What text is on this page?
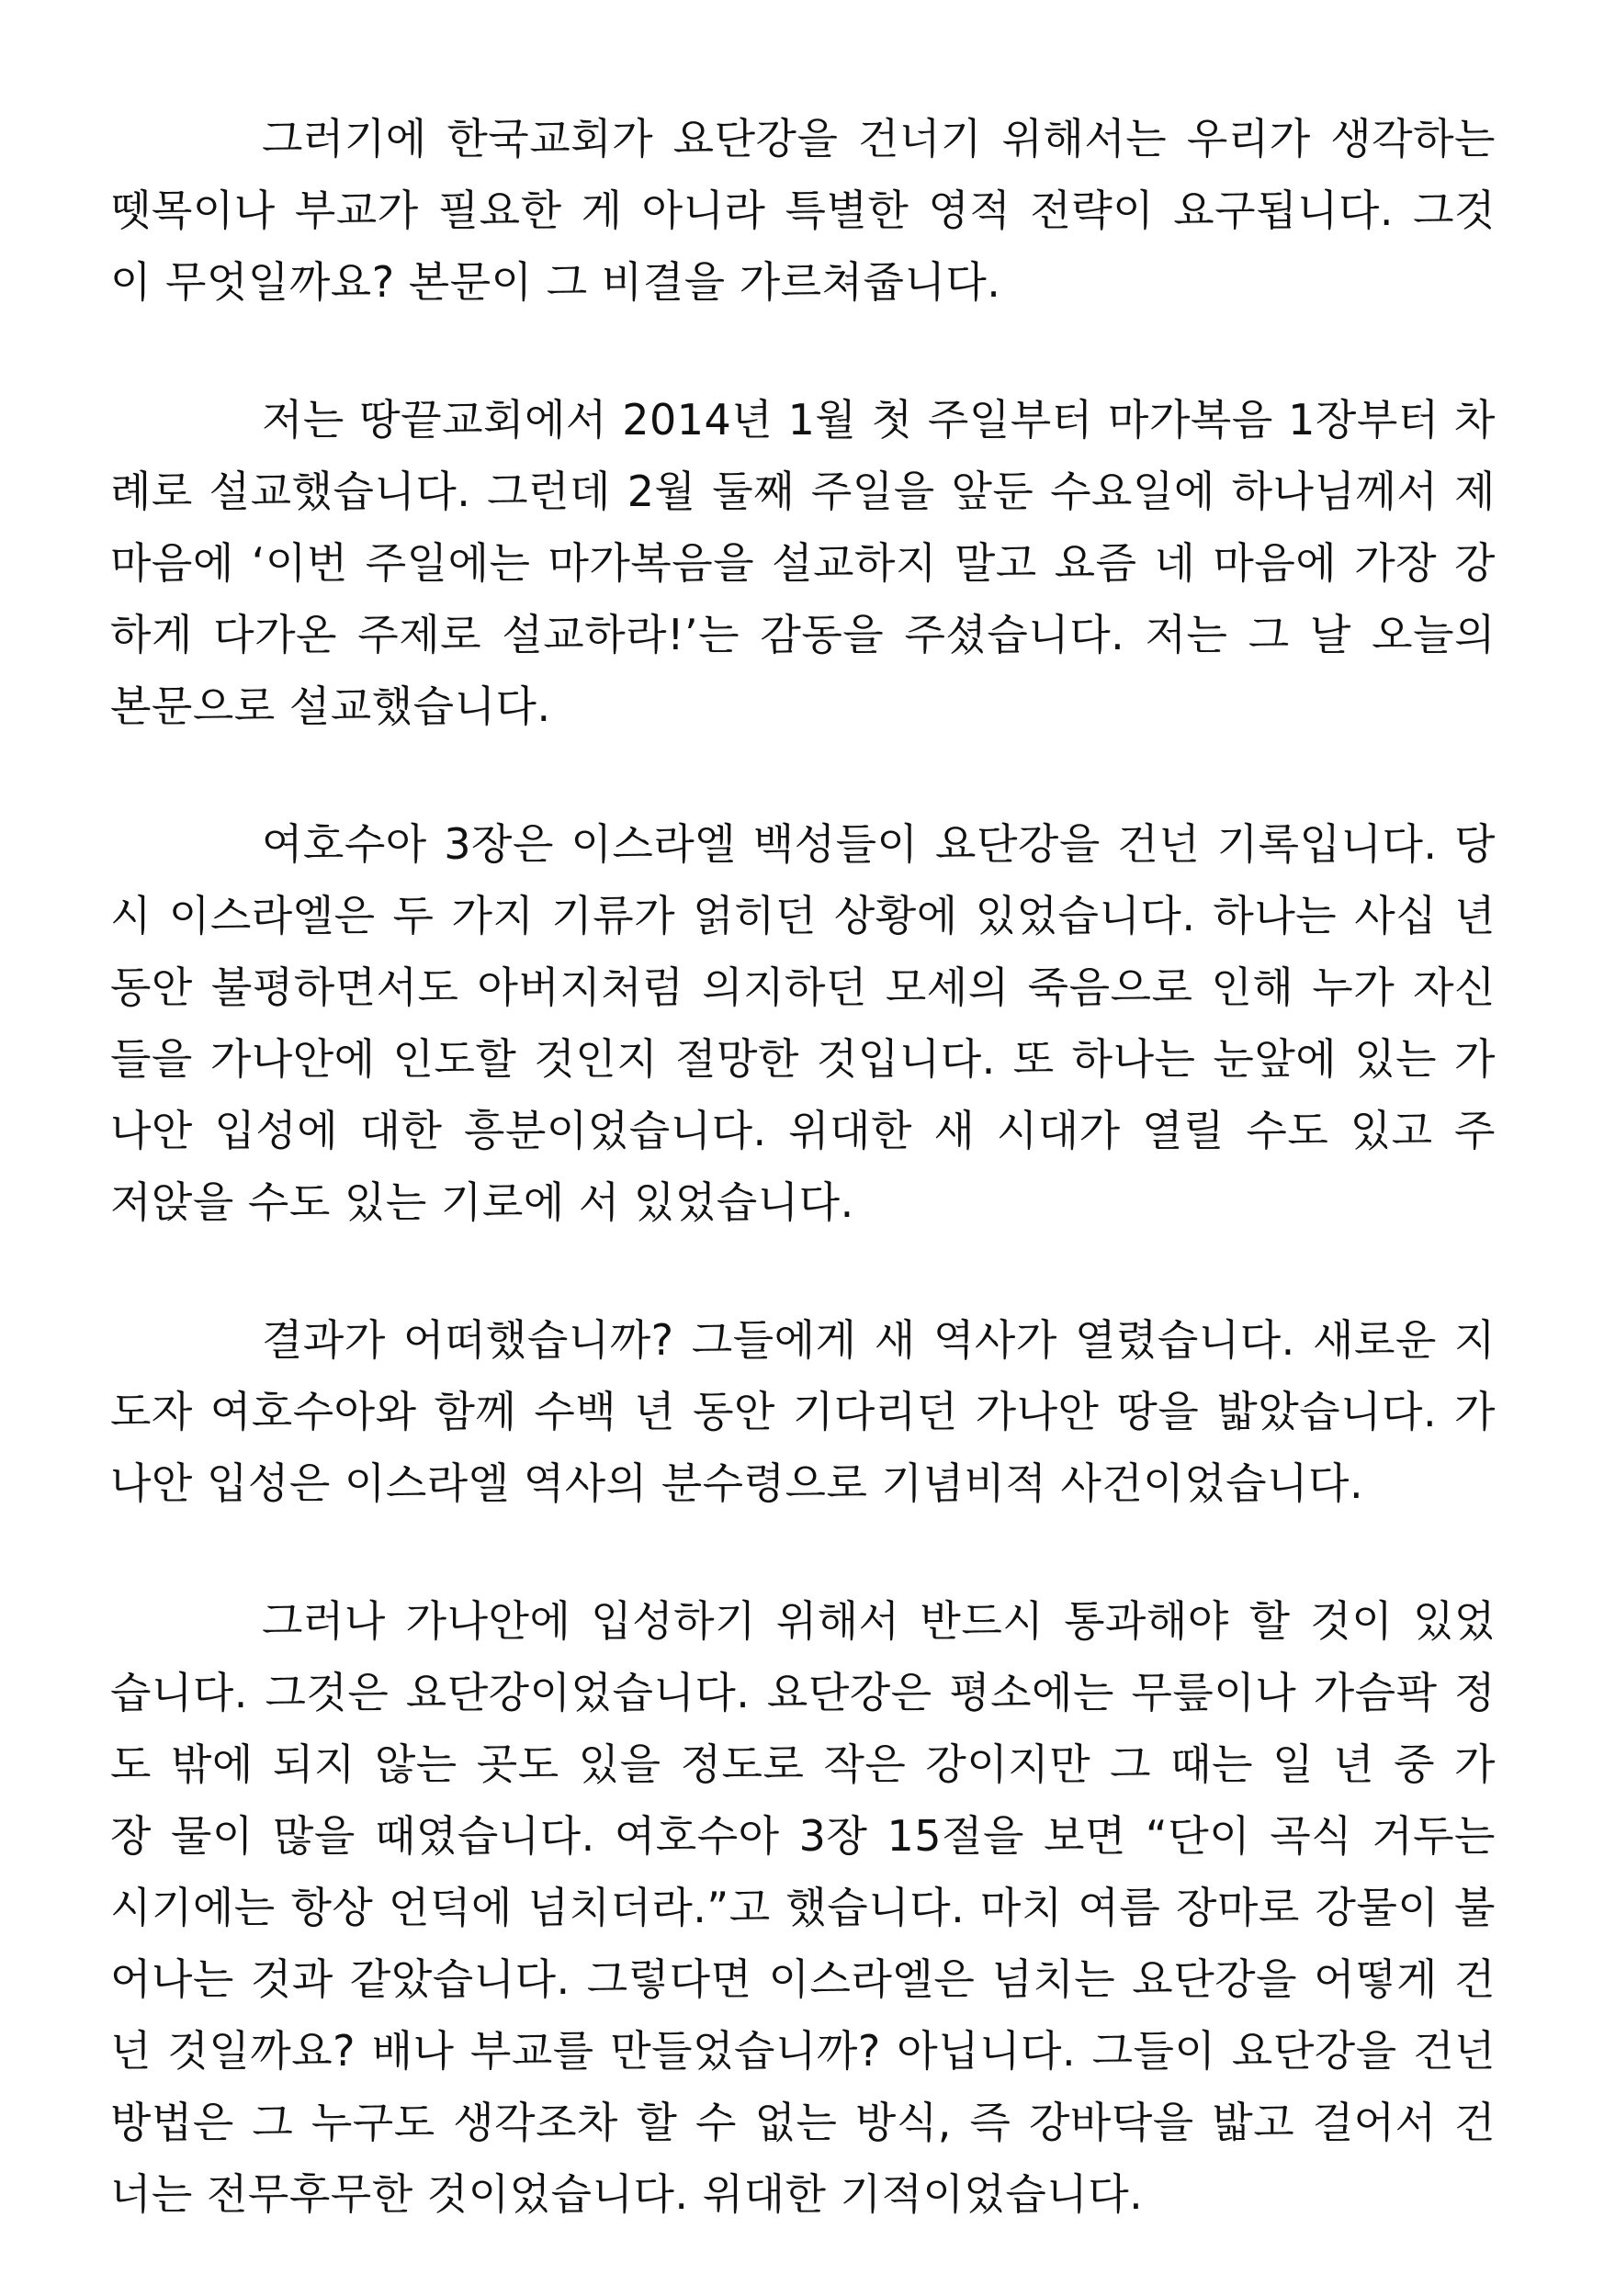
그러기에 한국교회가 요단강을 건너기 위해서는 우리가 생각하는
뗏목이나 부교가 필요한 게 아니라 특별한 영적 전략이 요구됩니다. 그것
이 무엇일까요? 본문이 그 비결을 가르쳐줍니다.
저는 땅끝교회에서 2014년 1월 첫 주일부터 마가복음 1장부터 차
례로 설교했습니다. 그런데 2월 둘째 주일을 앞둔 수요일에 하나님께서 제
마음에 ‘이번 주일에는 마가복음을 설교하지 말고 요즘 네 마음에 가장 강
하게 다가온 주제로 설교하라!’는 감동을 주셨습니다. 저는 그 날 오늘의
본문으로 설교했습니다.
여호수아 3장은 이스라엘 백성들이 요단강을 건넌 기록입니다. 당
시 이스라엘은 두 가지 기류가 얽히던 상황에 있었습니다. 하나는 사십 년
동안 불평하면서도 아버지처럼 의지하던 모세의 죽음으로 인해 누가 자신
들을 가나안에 인도할 것인지 절망한 것입니다. 또 하나는 눈앞에 있는 가
나안 입성에 대한 흥분이었습니다. 위대한 새 시대가 열릴 수도 있고 주
저앉을 수도 있는 기로에 서 있었습니다.
결과가 어떠했습니까? 그들에게 새 역사가 열렸습니다. 새로운 지
도자 여호수아와 함께 수백 년 동안 기다리던 가나안 땅을 밟았습니다. 가
나안 입성은 이스라엘 역사의 분수령으로 기념비적 사건이었습니다.
그러나 가나안에 입성하기 위해서 반드시 통과해야 할 것이 있었
습니다. 그것은 요단강이었습니다. 요단강은 평소에는 무릎이나 가슴팍 정
도 밖에 되지 않는 곳도 있을 정도로 작은 강이지만 그 때는 일 년 중 가
장 물이 많을 때였습니다. 여호수아 3장 15절을 보면 “단이 곡식 거두는
시기에는 항상 언덕에 넘치더라.”고 했습니다. 마치 여름 장마로 강물이 불
어나는 것과 같았습니다. 그렇다면 이스라엘은 넘치는 요단강을 어떻게 건
넌 것일까요? 배나 부교를 만들었습니까? 아닙니다. 그들이 요단강을 건넌
방법은 그 누구도 생각조차 할 수 없는 방식, 즉 강바닥을 밟고 걸어서 건
너는 전무후무한 것이었습니다. 위대한 기적이었습니다.
